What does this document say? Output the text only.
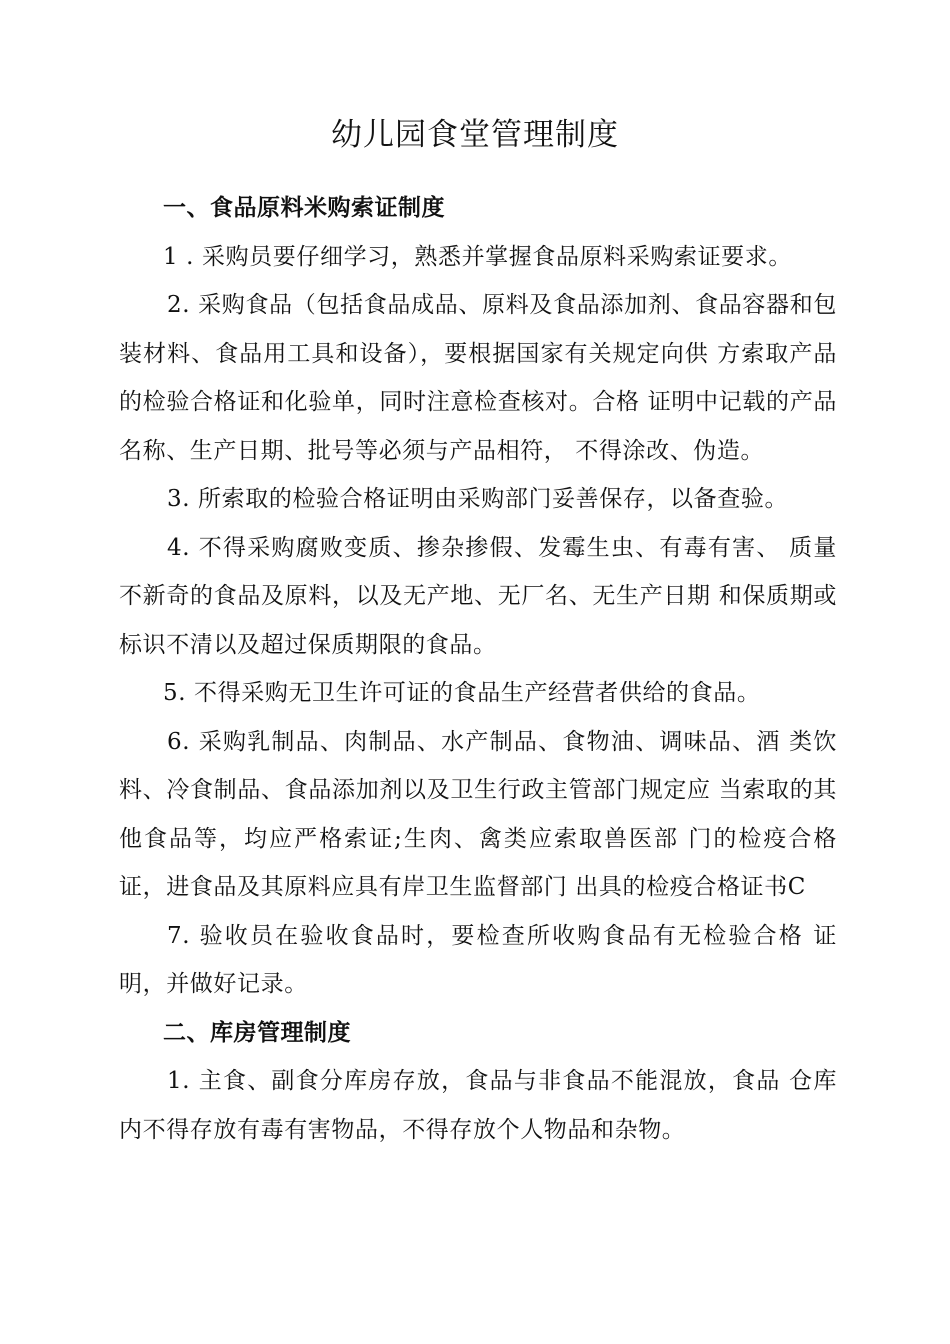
幼儿园食堂管理制度

一、食品原料米购索证制度

1 . 采购员要仔细学习，熟悉并掌握食品原料采购索证要求。

2. 采购食品（包括食品成品、原料及食品添加剂、食品容器和包装材料、食品用工具和设备），要根据国家有关规定向供 方索取产品的检验合格证和化验单，同时注意检查核对。合格 证明中记载的产品名称、生产日期、批号等必须与产品相符， 不得涂改、伪造。

3. 所索取的检验合格证明由采购部门妥善保存，以备查验。

4. 不得采购腐败变质、掺杂掺假、发霉生虫、有毒有害、 质量不新奇的食品及原料，以及无产地、无厂名、无生产日期 和保质期或标识不清以及超过保质期限的食品。

5. 不得采购无卫生许可证的食品生产经营者供给的食品。

6. 采购乳制品、肉制品、水产制品、食物油、调味品、酒 类饮料、冷食制品、食品添加剂以及卫生行政主管部门规定应 当索取的其他食品等，均应严格索证;生肉、禽类应索取兽医部 门的检疫合格证，进食品及其原料应具有岸卫生监督部门 出具的检疫合格证书C

7. 验收员在验收食品时，要检查所收购食品有无检验合格 证明，并做好记录。

二、库房管理制度

1. 主食、副食分库房存放，食品与非食品不能混放，食品 仓库内不得存放有毒有害物品，不得存放个人物品和杂物。
